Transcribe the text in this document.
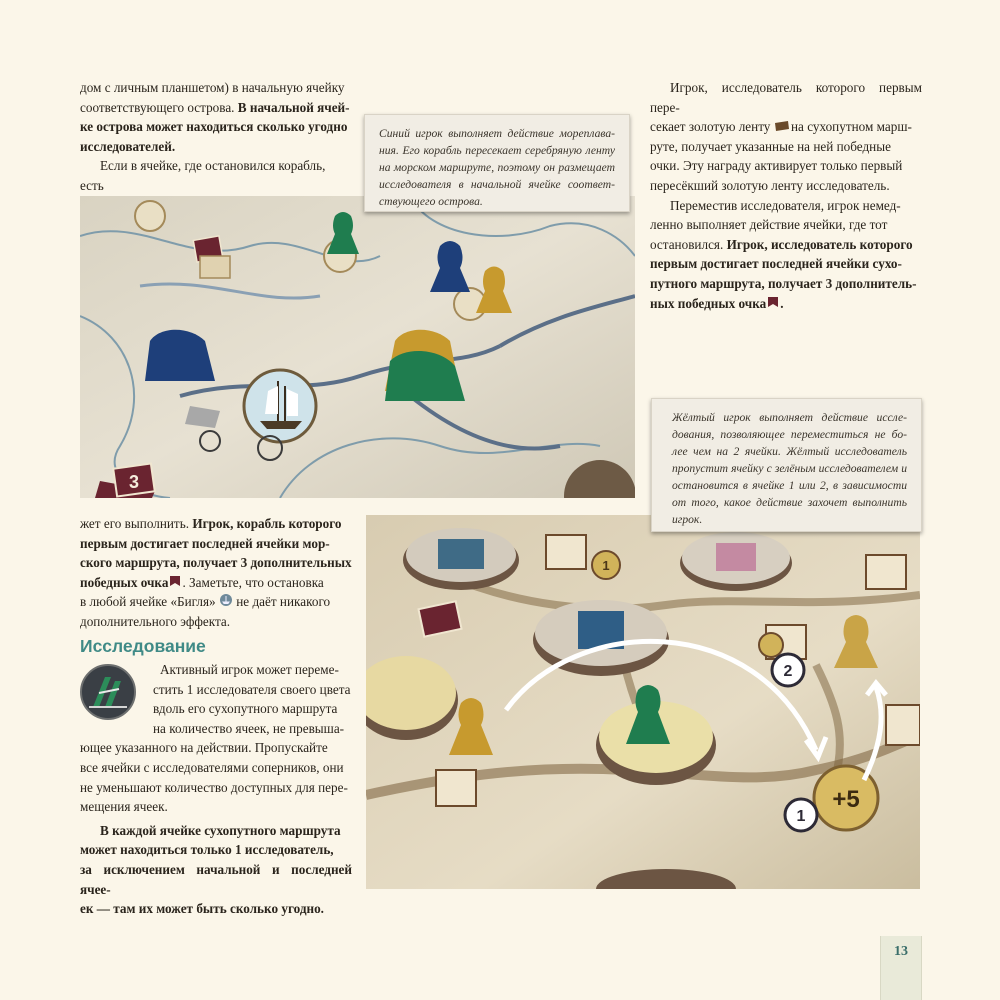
дом с личным планшетом) в начальную ячейку

соответствующего острова. В начальной ячей-

ке острова может находиться сколько угодно

исследователей.

Если в ячейке, где остановился корабль, есть

3
Синий игрок выполняет действие мореплава-ния. Его корабль пересекает серебряную ленту на морском маршруте, поэтому он размещает исследователя в начальной ячейке соответ-ствующего острова.

Игрок, исследователь которого первым пере-

секает золотую ленту  на сухопутном марш-

руте, получает указанные на ней победные

очки. Эту награду активирует только первый

пересёкший золотую ленту исследователь.

Переместив исследователя, игрок немед-

ленно выполняет действие ячейки, где тот

остановился. Игрок, исследователь которого

первым достигает последней ячейки сухо-

путного маршрута, получает 3 дополнитель-

ных победных очка .

жет его выполнить. Игрок, корабль которого

первым достигает последней ячейки мор-

ского маршрута, получает 3 дополнительных

победных очка . Заметьте, что остановка

в любой ячейке «Бигля»  не даёт никакого

дополнительного эффекта.

Исследование

Активный игрок может переме-

стить 1 исследователя своего цвета

вдоль его сухопутного маршрута

на количество ячеек, не превыша-

ющее указанного на действии. Пропускайте

все ячейки с исследователями соперников, они

не уменьшают количество доступных для пере-

мещения ячеек.

В каждой ячейке сухопутного маршрута

может находиться только 1 исследователь,

за исключением начальной и последней ячее-

ек — там их может быть сколько угодно.

1
+5
2
1
Жёлтый игрок выполняет действие иссле-дования, позволяющее переместиться не бо-лее чем на 2 ячейки. Жёлтый исследователь пропустит ячейку с зелёным исследователем и остановится в ячейке 1 или 2, в зависимости от того, какое действие захочет выполнить игрок.
13
